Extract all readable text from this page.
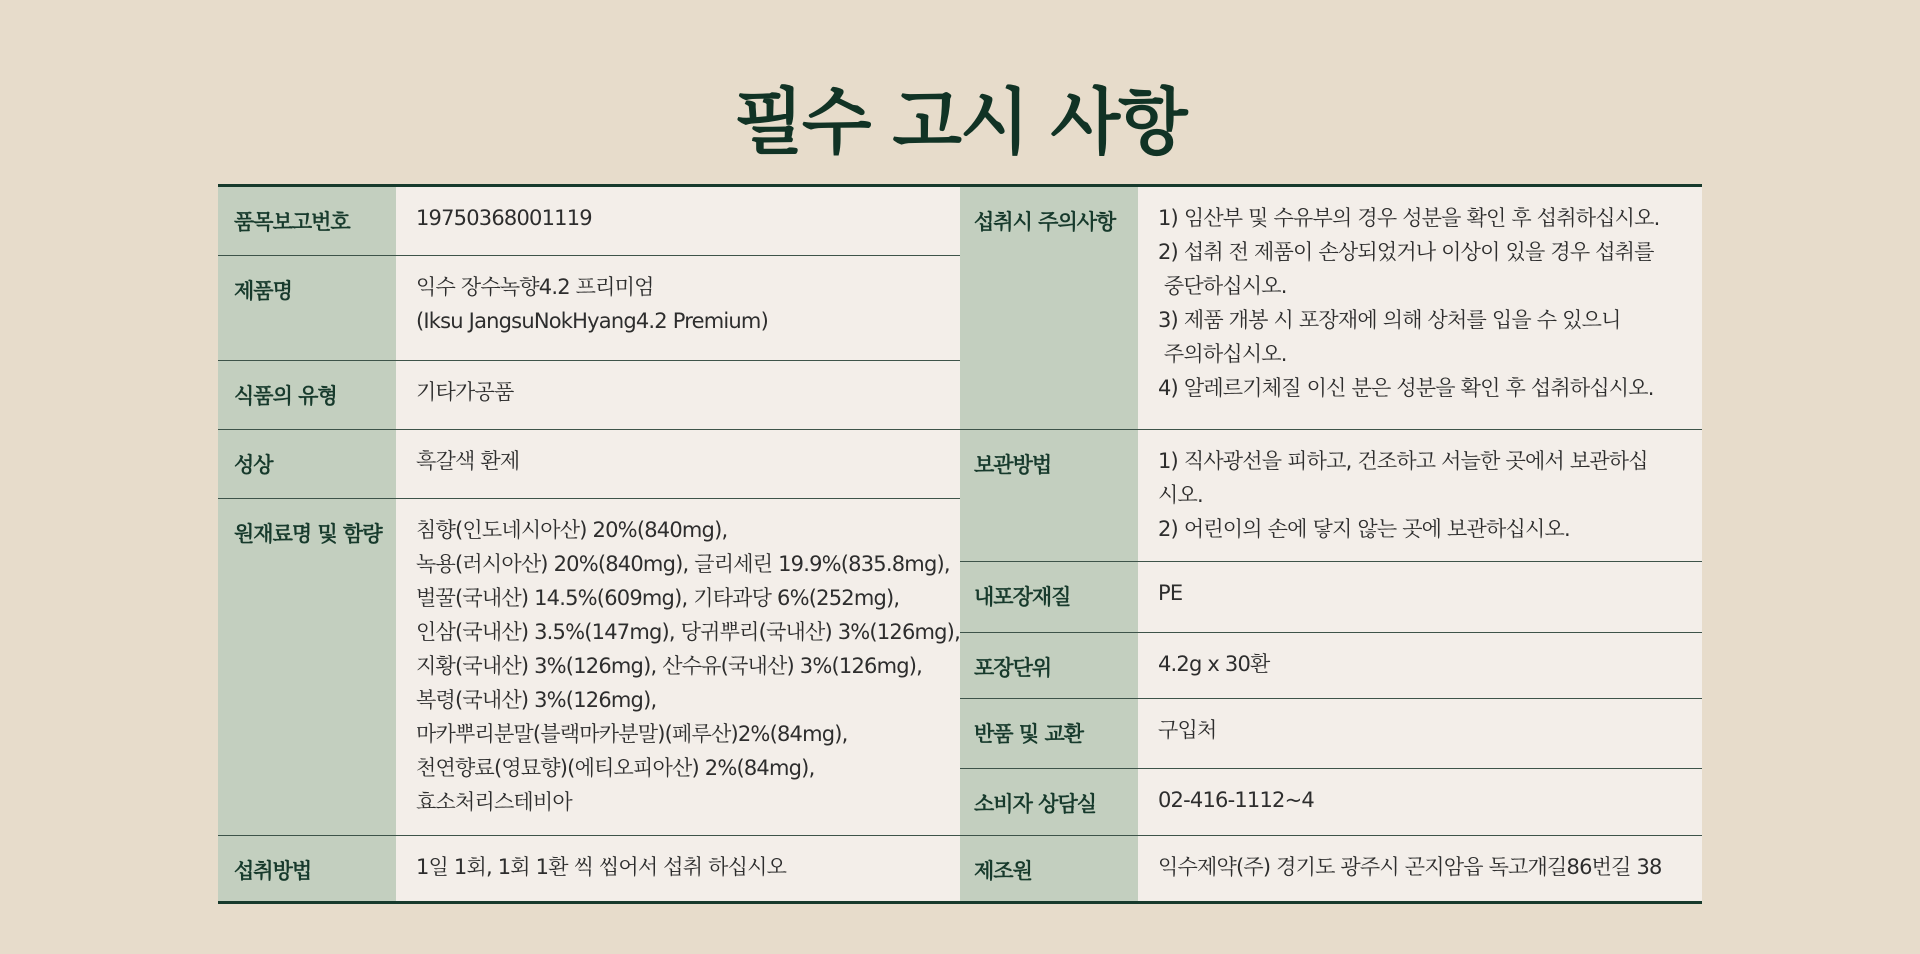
필수 고시 사항
품목보고번호	19750368001119
제품명	익수 장수녹향4.2 프리미엄
(Iksu JangsuNokHyang4.2 Premium)
식품의 유형	기타가공품
성상	흑갈색 환제
원재료명 및 함량	침향(인도네시아산) 20%(840mg),
녹용(러시아산) 20%(840mg), 글리세린 19.9%(835.8mg),
벌꿀(국내산) 14.5%(609mg), 기타과당 6%(252mg),
인삼(국내산) 3.5%(147mg), 당귀뿌리(국내산) 3%(126mg),
지황(국내산) 3%(126mg), 산수유(국내산) 3%(126mg),
복령(국내산) 3%(126mg),
마카뿌리분말(블랙마카분말)(페루산)2%(84mg),
천연향료(영묘향)(에티오피아산) 2%(84mg),
효소처리스테비아
섭취방법	1일 1회, 1회 1환 씩 씹어서 섭취 하십시오
섭취시 주의사항	1) 임산부 및 수유부의 경우 성분을 확인 후 섭취하십시오.
2) 섭취 전 제품이 손상되었거나 이상이 있을 경우 섭취를
중단하십시오.
3) 제품 개봉 시 포장재에 의해 상처를 입을 수 있으니
주의하십시오.
4) 알레르기체질 이신 분은 성분을 확인 후 섭취하십시오.
보관방법	1) 직사광선을 피하고, 건조하고 서늘한 곳에서 보관하십
시오.
2) 어린이의 손에 닿지 않는 곳에 보관하십시오.
내포장재질	PE
포장단위	4.2g x 30환
반품 및 교환	구입처
소비자 상담실	02-416-1112~4
제조원	익수제약(주) 경기도 광주시 곤지암읍 독고개길86번길 38
